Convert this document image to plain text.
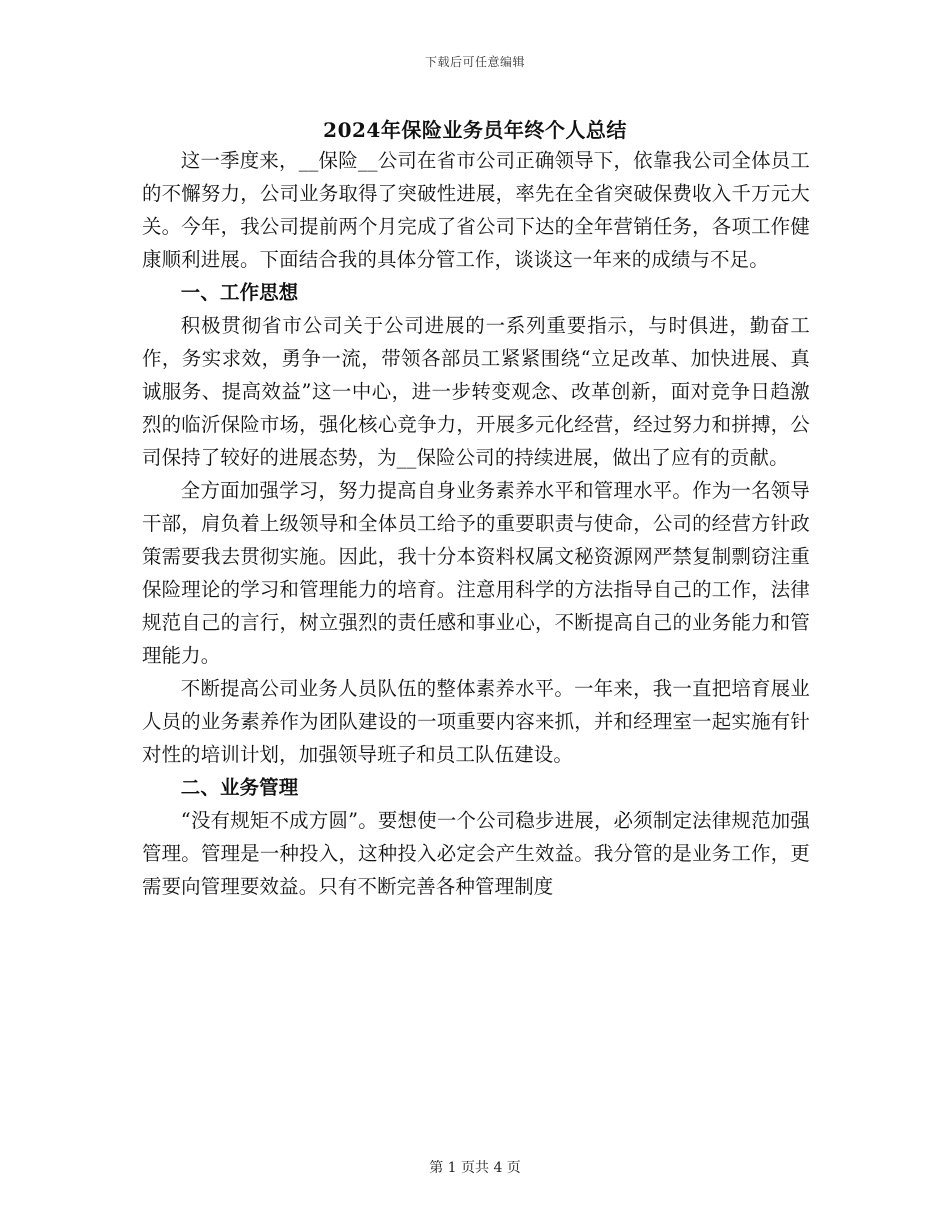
下载后可任意编辑
2024年保险业务员年终个人总结

这一季度来，__保险__公司在省市公司正确领导下，依靠我公司全体员工的不懈努力，公司业务取得了突破性进展，率先在全省突破保费收入千万元大关。今年，我公司提前两个月完成了省公司下达的全年营销任务，各项工作健康顺利进展。下面结合我的具体分管工作，谈谈这一年来的成绩与不足。

一、工作思想

积极贯彻省市公司关于公司进展的一系列重要指示，与时俱进，勤奋工作，务实求效，勇争一流，带领各部员工紧紧围绕“立足改革、加快进展、真诚服务、提高效益”这一中心，进一步转变观念、改革创新，面对竞争日趋激烈的临沂保险市场，强化核心竞争力，开展多元化经营，经过努力和拼搏，公司保持了较好的进展态势，为__保险公司的持续进展，做出了应有的贡献。

全方面加强学习，努力提高自身业务素养水平和管理水平。作为一名领导干部，肩负着上级领导和全体员工给予的重要职责与使命，公司的经营方针政策需要我去贯彻实施。因此，我十分本资料权属文秘资源网严禁复制剽窃注重保险理论的学习和管理能力的培育。注意用科学的方法指导自己的工作，法律规范自己的言行，树立强烈的责任感和事业心，不断提高自己的业务能力和管理能力。

不断提高公司业务人员队伍的整体素养水平。一年来，我一直把培育展业人员的业务素养作为团队建设的一项重要内容来抓，并和经理室一起实施有针对性的培训计划，加强领导班子和员工队伍建设。

二、业务管理

“没有规矩不成方圆”。要想使一个公司稳步进展，必须制定法律规范加强管理。管理是一种投入，这种投入必定会产生效益。我分管的是业务工作，更需要向管理要效益。只有不断完善各种管理制度

第 1 页共 4 页
